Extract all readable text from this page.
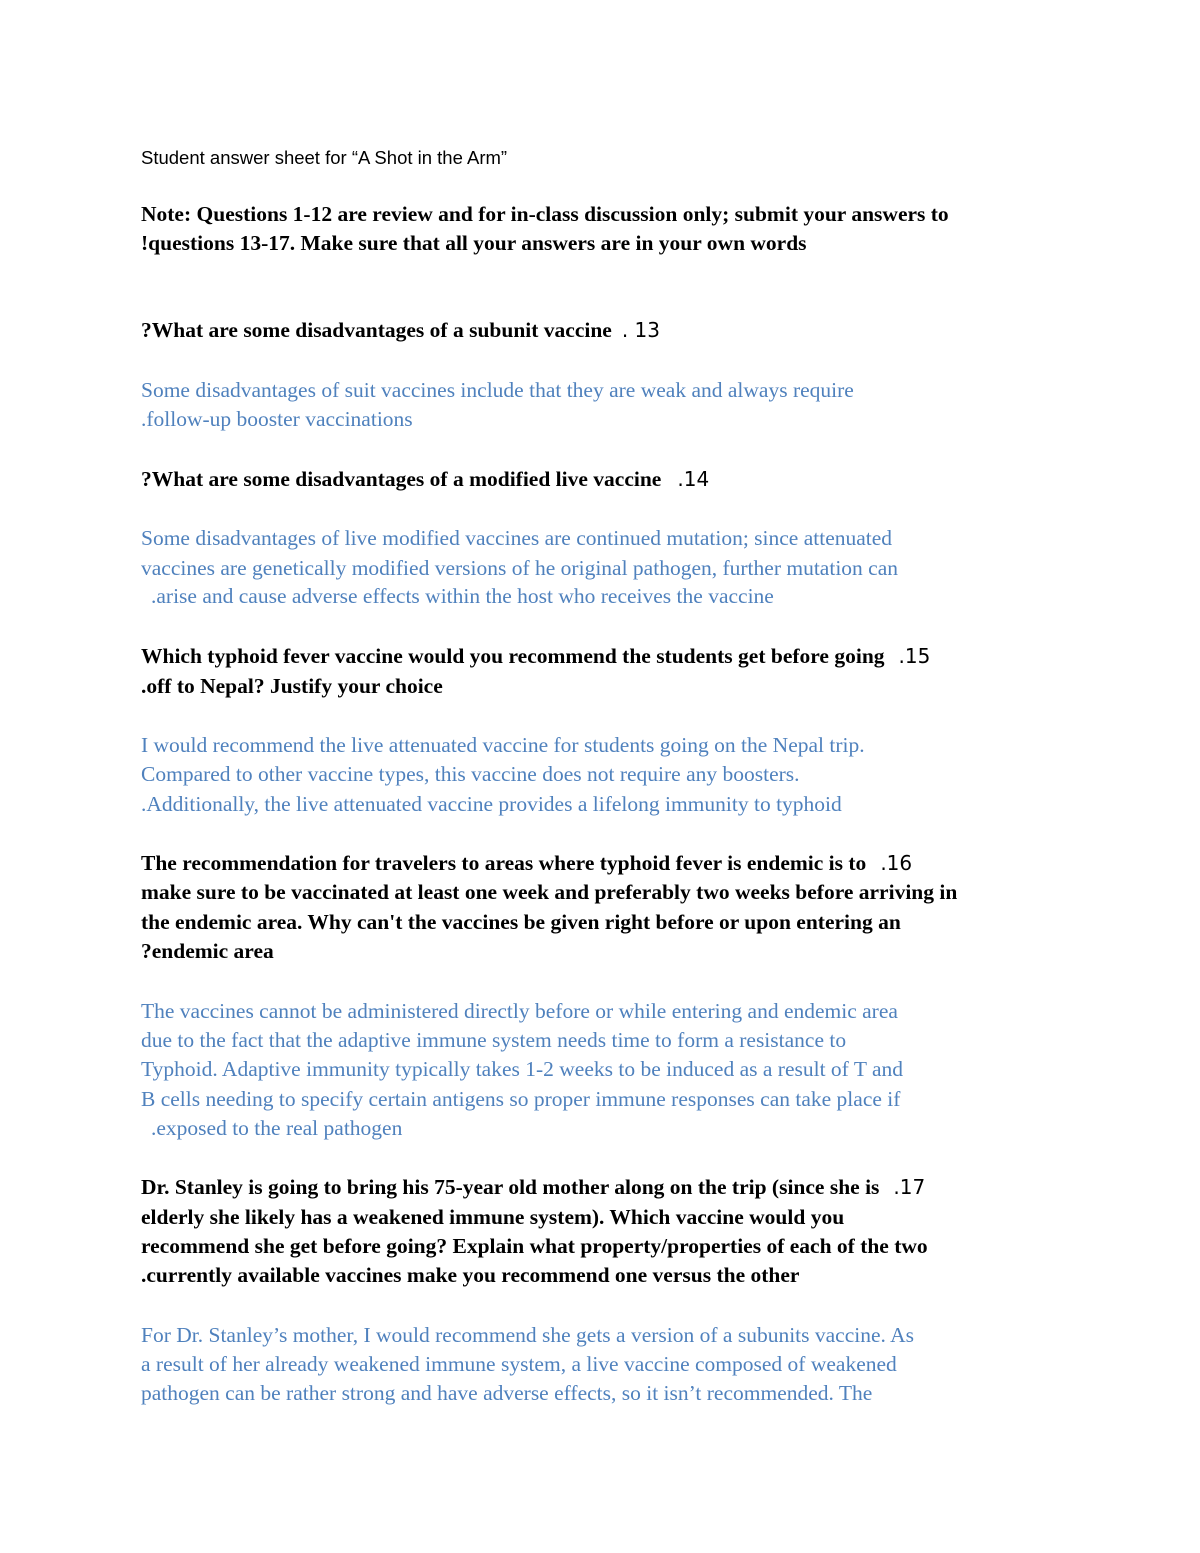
Student answer sheet for “A Shot in the Arm”

Note: Questions 1-12 are review and for in-class discussion only; submit your answers to

!questions 13-17. Make sure that all your answers are in your own words

?What are some disadvantages of a subunit vaccine . 13

Some disadvantages of suit vaccines include that they are weak and always require

.follow-up booster vaccinations

?What are some disadvantages of a modified live vaccine .14

Some disadvantages of live modified vaccines are continued mutation; since attenuated

vaccines are genetically modified versions of he original pathogen, further mutation can

.arise and cause adverse effects within the host who receives the vaccine

Which typhoid fever vaccine would you recommend the students get before going .15

.off to Nepal? Justify your choice

I would recommend the live attenuated vaccine for students going on the Nepal trip.

Compared to other vaccine types, this vaccine does not require any boosters.

.Additionally, the live attenuated vaccine provides a lifelong immunity to typhoid

The recommendation for travelers to areas where typhoid fever is endemic is to .16

make sure to be vaccinated at least one week and preferably two weeks before arriving in

the endemic area. Why can't the vaccines be given right before or upon entering an

?endemic area

The vaccines cannot be administered directly before or while entering and endemic area

due to the fact that the adaptive immune system needs time to form a resistance to

Typhoid. Adaptive immunity typically takes 1-2 weeks to be induced as a result of T and

B cells needing to specify certain antigens so proper immune responses can take place if

.exposed to the real pathogen

Dr. Stanley is going to bring his 75-year old mother along on the trip (since she is .17

elderly she likely has a weakened immune system). Which vaccine would you

recommend she get before going? Explain what property/properties of each of the two

.currently available vaccines make you recommend one versus the other

For Dr. Stanley’s mother, I would recommend she gets a version of a subunits vaccine. As

a result of her already weakened immune system, a live vaccine composed of weakened

pathogen can be rather strong and have adverse effects, so it isn’t recommended. The
